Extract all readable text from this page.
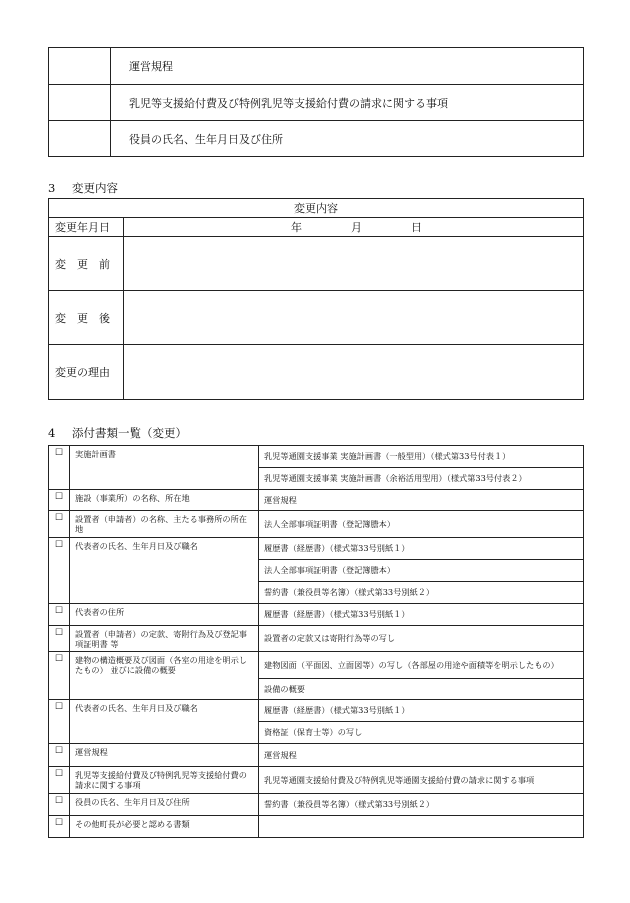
	運営規程
	乳児等支援給付費及び特例乳児等支援給付費の請求に関する事項
	役員の氏名、生年月日及び住所
3 変更内容
変更内容	
変更年月日	年 月 日
変　更　前	
変　更　後	
変更の理由	
4 添付書類一覧（変更）
☐	実施計画書	乳児等通園支援事業 実施計画書（一般型用）（様式第33号付表１）
		乳児等通園支援事業 実施計画書（余裕活用型用）（様式第33号付表２）
☐	施設（事業所）の名称、所在地	運営規程
☐	設置者（申請者）の名称、主たる事務所の所在地	法人全部事項証明書（登記簿謄本）
☐	代表者の氏名、生年月日及び職名	履歴書（経歴書）（様式第33号別紙１）
		法人全部事項証明書（登記簿謄本）
		誓約書（兼役員等名簿）（様式第33号別紙２）
☐	代表者の住所	履歴書（経歴書）（様式第33号別紙１）
☐	設置者（申請者）の定款、寄附行為及び登記事項証明書 等	設置者の定款又は寄附行為等の写し
☐	建物の構造概要及び図面（各室の用途を明示したもの） 並びに設備の概要	建物図面（平面図、立面図等）の写し（各部屋の用途や面積等を明示したもの）
		設備の概要
☐	代表者の氏名、生年月日及び職名	履歴書（経歴書）（様式第33号別紙１）
		資格証（保育士等）の写し
☐	運営規程	運営規程
☐	乳児等支援給付費及び特例乳児等支援給付費の請求に関する事項	乳児等通園支援給付費及び特例乳児等通園支援給付費の請求に関する事項
☐	役員の氏名、生年月日及び住所	誓約書（兼役員等名簿）（様式第33号別紙２）
☐	その他町長が必要と認める書類	
